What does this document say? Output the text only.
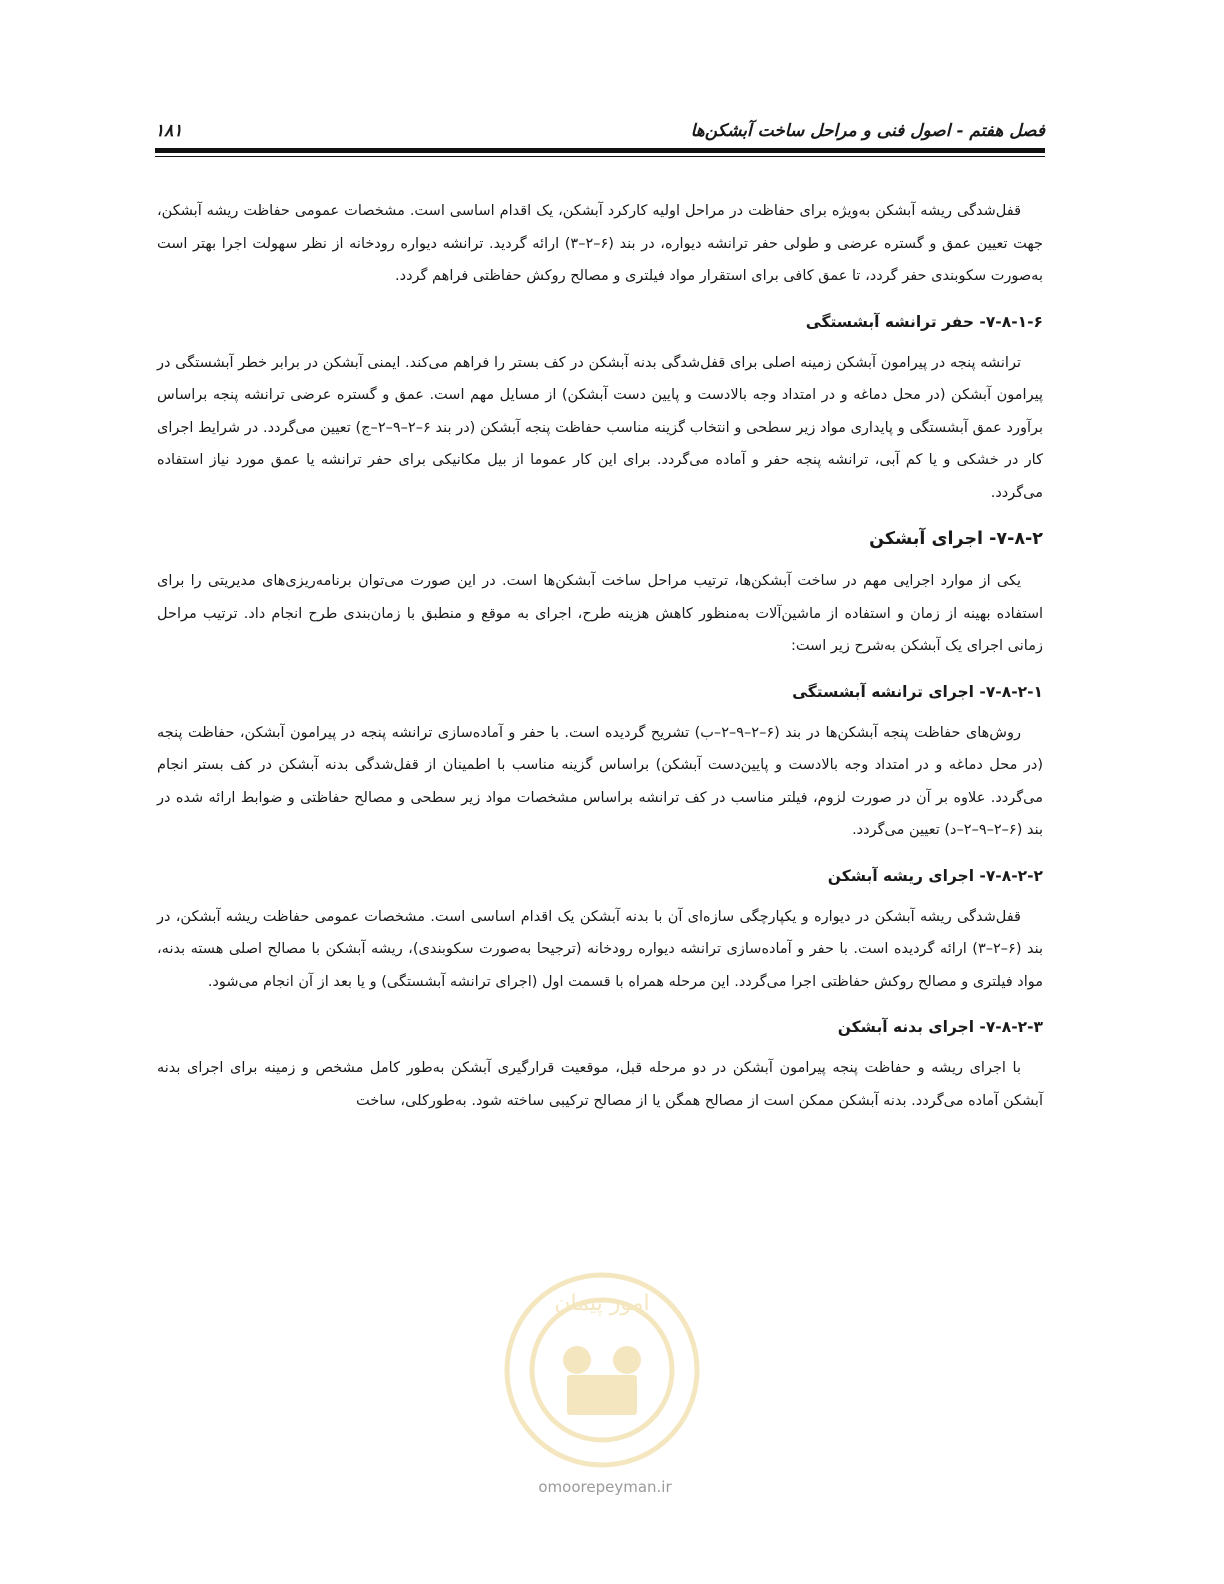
فصل هفتم - اصول فنی و مراحل ساخت آبشکن‌ها
۱۸۱

قفل‌شدگی ریشه آبشکن به‌ویژه برای حفاظت در مراحل اولیه کارکرد آبشکن، یک اقدام اساسی است. مشخصات عمومی حفاظت ریشه آبشکن، جهت تعیین عمق و گستره عرضی و طولی حفر ترانشه دیواره، در بند (۶–۲–۳) ارائه گردید. ترانشه دیواره رودخانه از نظر سهولت اجرا بهتر است به‌صورت سکوبندی حفر گردد، تا عمق کافی برای استقرار مواد فیلتری و مصالح روکش حفاظتی فراهم گردد.

۷-۸-۱-۶- حفر ترانشه آبشستگی

ترانشه پنجه در پیرامون آبشکن زمینه اصلی برای قفل‌شدگی بدنه آبشکن در کف بستر را فراهم می‌کند. ایمنی آبشکن در برابر خطر آبشستگی در پیرامون آبشکن (در محل دماغه و در امتداد وجه بالادست و پایین دست آبشکن) از مسایل مهم است. عمق و گستره عرضی ترانشه پنجه براساس برآورد عمق آبشستگی و پایداری مواد زیر سطحی و انتخاب گزینه مناسب حفاظت پنجه آبشکن (در بند ۶–۲–۹–۲–ج) تعیین می‌گردد. در شرایط اجرای کار در خشکی و یا کم آبی، ترانشه پنجه حفر و آماده می‌گردد. برای این کار عموما از بیل مکانیکی برای حفر ترانشه یا عمق مورد نیاز استفاده می‌گردد.

۷-۸-۲- اجرای آبشکن

یکی از موارد اجرایی مهم در ساخت آبشکن‌ها، ترتیب مراحل ساخت آبشکن‌ها است. در این صورت می‌توان برنامه‌ریزی‌های مدیریتی را برای استفاده بهینه از زمان و استفاده از ماشین‌آلات به‌منظور کاهش هزینه طرح، اجرای به موقع و منطبق با زمان‌بندی طرح انجام داد. ترتیب مراحل زمانی اجرای یک آبشکن به‌شرح زیر است:

۷-۸-۲-۱- اجرای ترانشه آبشستگی

روش‌های حفاظت پنجه آبشکن‌ها در بند (۶–۲–۹–۲–ب) تشریح گردیده است. با حفر و آماده‌سازی ترانشه پنجه در پیرامون آبشکن، حفاظت پنجه (در محل دماغه و در امتداد وجه بالادست و پایین‌دست آبشکن) براساس گزینه مناسب با اطمینان از قفل‌شدگی بدنه آبشکن در کف بستر انجام می‌گردد. علاوه بر آن در صورت لزوم، فیلتر مناسب در کف ترانشه براساس مشخصات مواد زیر سطحی و مصالح حفاظتی و ضوابط ارائه شده در بند (۶–۲–۹–۲–د) تعیین می‌گردد.

۷-۸-۲-۲- اجرای ریشه آبشکن

قفل‌شدگی ریشه آبشکن در دیواره و یکپارچگی سازه‌ای آن با بدنه آبشکن یک اقدام اساسی است. مشخصات عمومی حفاظت ریشه آبشکن، در بند (۶–۲–۳) ارائه گردیده است. با حفر و آماده‌سازی ترانشه دیواره رودخانه (ترجیحا به‌صورت سکوبندی)، ریشه آبشکن با مصالح اصلی هسته بدنه، مواد فیلتری و مصالح روکش حفاظتی اجرا می‌گردد. این مرحله همراه با قسمت اول (اجرای ترانشه آبشستگی) و یا بعد از آن انجام می‌شود.

۷-۸-۲-۳- اجرای بدنه آبشکن

با اجرای ریشه و حفاظت پنجه پیرامون آبشکن در دو مرحله قبل، موقعیت قرارگیری آبشکن به‌طور کامل مشخص و زمینه برای اجرای بدنه آبشکن آماده می‌گردد. بدنه آبشکن ممکن است از مصالح همگن یا از مصالح ترکیبی ساخته شود. به‌طورکلی، ساخت

امور پیمان
omoorepeyman.ir
